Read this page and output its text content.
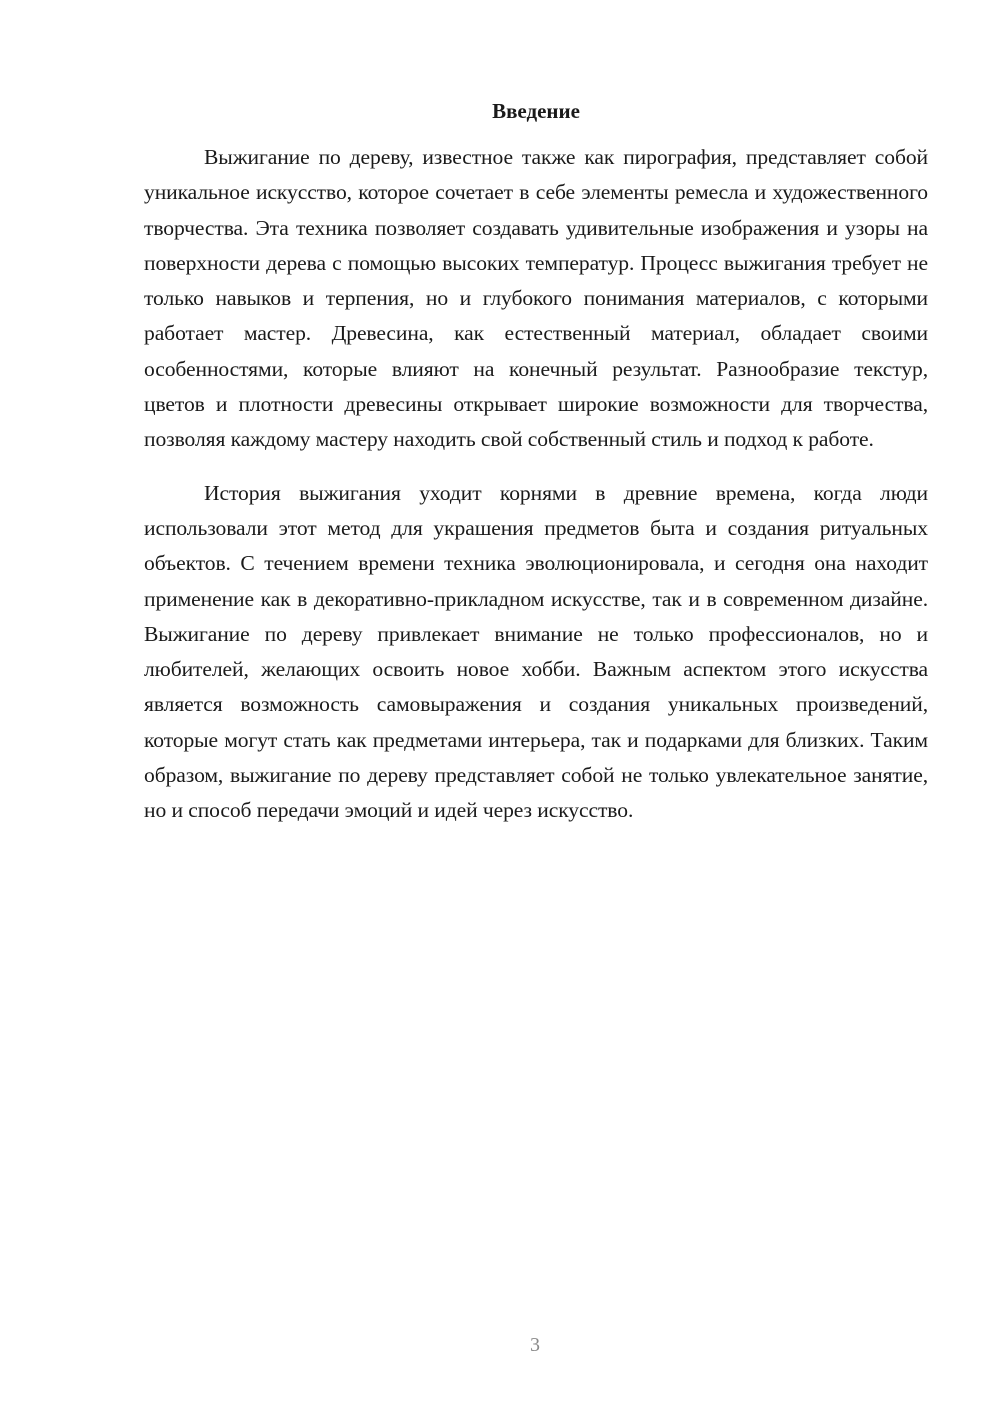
Введение

Выжигание по дереву, известное также как пирография, представляет собой уникальное искусство, которое сочетает в себе элементы ремесла и художественного творчества. Эта техника позволяет создавать удивительные изображения и узоры на поверхности дерева с помощью высоких температур. Процесс выжигания требует не только навыков и терпения, но и глубокого понимания материалов, с которыми работает мастер. Древесина, как естественный материал, обладает своими особенностями, которые влияют на конечный результат. Разнообразие текстур, цветов и плотности древесины открывает широкие возможности для творчества, позволяя каждому мастеру находить свой собственный стиль и подход к работе.

История выжигания уходит корнями в древние времена, когда люди использовали этот метод для украшения предметов быта и создания ритуальных объектов. С течением времени техника эволюционировала, и сегодня она находит применение как в декоративно-прикладном искусстве, так и в современном дизайне. Выжигание по дереву привлекает внимание не только профессионалов, но и любителей, желающих освоить новое хобби. Важным аспектом этого искусства является возможность самовыражения и создания уникальных произведений, которые могут стать как предметами интерьера, так и подарками для близких. Таким образом, выжигание по дереву представляет собой не только увлекательное занятие, но и способ передачи эмоций и идей через искусство.

3
